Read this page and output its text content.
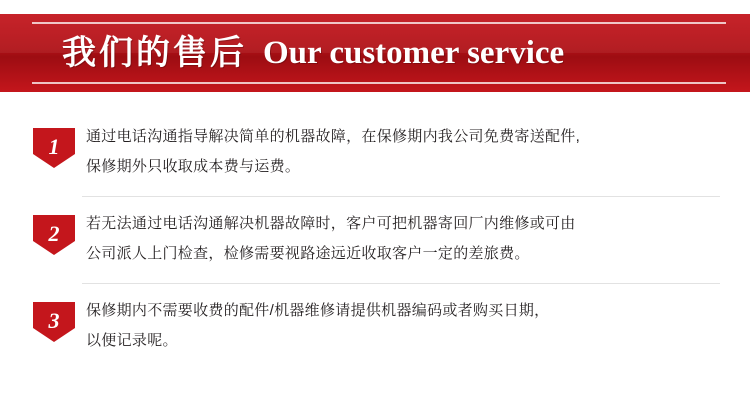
我们的售后 Our customer service
1 通过电话沟通指导解决简单的机器故障，在保修期内我公司免费寄送配件,
保修期外只收取成本费与运费。
2 若无法通过电话沟通解决机器故障时，客户可把机器寄回厂内维修或可由
公司派人上门检查，检修需要视路途远近收取客户一定的差旅费。
3 保修期内不需要收费的配件/机器维修请提供机器编码或者购买日期，
以便记录呢。
